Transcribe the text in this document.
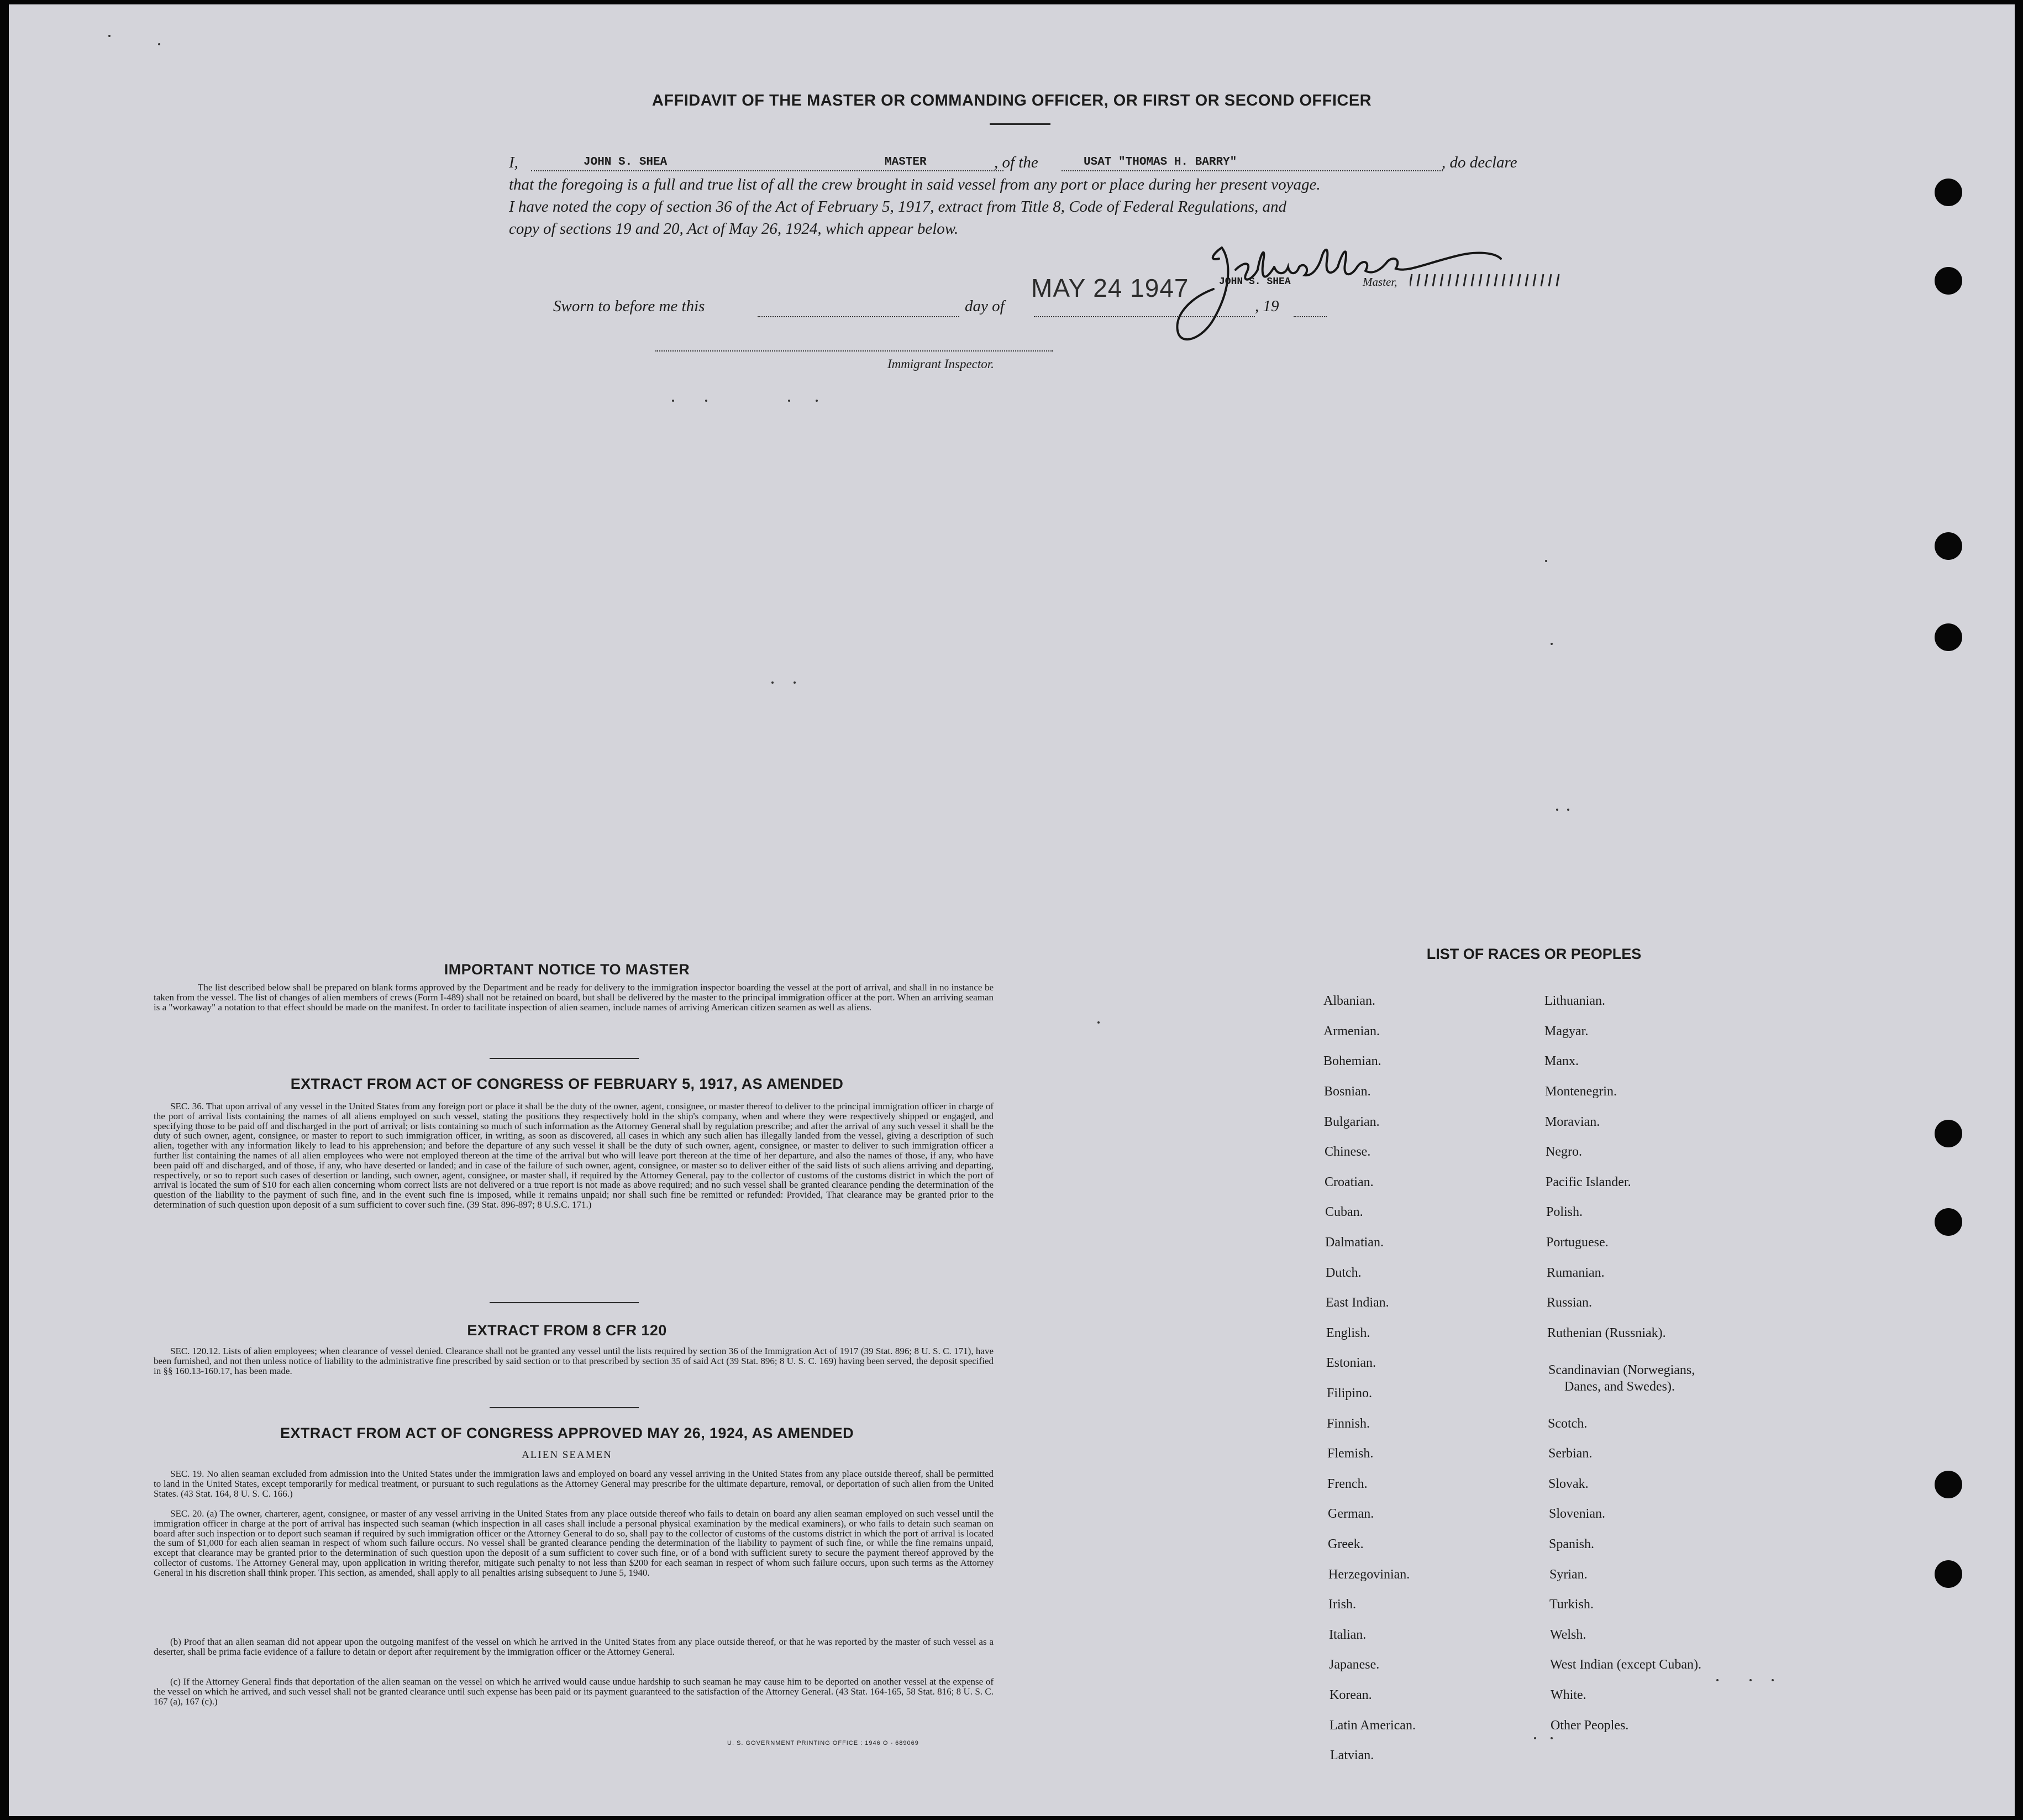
AFFIDAVIT OF THE MASTER OR COMMANDING OFFICER, OR FIRST OR SECOND OFFICER
I,	JOHN S. SHEA	MASTER	, of the	USAT "THOMAS H. BARRY"	, do declare
that the foregoing is a full and true list of all the crew brought in said vessel from any port or place during her present voyage.
I have noted the copy of section 36 of the Act of February 5, 1917, extract from Title 8, Code of Federal Regulations, and
copy of sections 19 and 20, Act of May 26, 1924, which appear below.
Sworn to before me this	day of	, 19
MAY 24 1947	JOHN S. SHEA	Master,
Immigrant Inspector.
IMPORTANT NOTICE TO MASTER
The list described below shall be prepared on blank forms approved by the Department and be ready for delivery to the immigration inspector boarding the vessel at the port of arrival, and shall in no instance be taken from the vessel. The list of changes of alien members of crews (Form I-489) shall not be retained on board, but shall be delivered by the master to the principal immigration officer at the port. When an arriving seaman is a "workaway" a notation to that effect should be made on the manifest. In order to facilitate inspection of alien seamen, include names of arriving American citizen seamen as well as aliens.
EXTRACT FROM ACT OF CONGRESS OF FEBRUARY 5, 1917, AS AMENDED
SEC. 36. That upon arrival of any vessel in the United States from any foreign port or place it shall be the duty of the owner, agent, consignee, or master thereof to deliver to the principal immigration officer in charge of the port of arrival lists containing the names of all aliens employed on such vessel, stating the positions they respectively hold in the ship's company, when and where they were respectively shipped or engaged, and specifying those to be paid off and discharged in the port of arrival; or lists containing so much of such information as the Attorney General shall by regulation prescribe; and after the arrival of any such vessel it shall be the duty of such owner, agent, consignee, or master to report to such immigration officer, in writing, as soon as discovered, all cases in which any such alien has illegally landed from the vessel, giving a description of such alien, together with any information likely to lead to his apprehension; and before the departure of any such vessel it shall be the duty of such owner, agent, consignee, or master to deliver to such immigration officer a further list containing the names of all alien employees who were not employed thereon at the time of the arrival but who will leave port thereon at the time of her departure, and also the names of those, if any, who have been paid off and discharged, and of those, if any, who have deserted or landed; and in case of the failure of such owner, agent, consignee, or master so to deliver either of the said lists of such aliens arriving and departing, respectively, or so to report such cases of desertion or landing, such owner, agent, consignee, or master shall, if required by the Attorney General, pay to the collector of customs of the customs district in which the port of arrival is located the sum of $10 for each alien concerning whom correct lists are not delivered or a true report is not made as above required; and no such vessel shall be granted clearance pending the determination of the question of the liability to the payment of such fine, and in the event such fine is imposed, while it remains unpaid; nor shall such fine be remitted or refunded: Provided, That clearance may be granted prior to the determination of such question upon deposit of a sum sufficient to cover such fine. (39 Stat. 896-897; 8 U.S.C. 171.)
EXTRACT FROM 8 CFR 120
SEC. 120.12. Lists of alien employees; when clearance of vessel denied. Clearance shall not be granted any vessel until the lists required by section 36 of the Immigration Act of 1917 (39 Stat. 896; 8 U. S. C. 171), have been furnished, and not then unless notice of liability to the administrative fine prescribed by said section or to that prescribed by section 35 of said Act (39 Stat. 896; 8 U. S. C. 169) having been served, the deposit specified in §§ 160.13-160.17, has been made.
EXTRACT FROM ACT OF CONGRESS APPROVED MAY 26, 1924, AS AMENDED
ALIEN SEAMEN
SEC. 19. No alien seaman excluded from admission into the United States under the immigration laws and employed on board any vessel arriving in the United States from any place outside thereof, shall be permitted to land in the United States, except temporarily for medical treatment, or pursuant to such regulations as the Attorney General may prescribe for the ultimate departure, removal, or deportation of such alien from the United States. (43 Stat. 164, 8 U. S. C. 166.)
SEC. 20. (a) The owner, charterer, agent, consignee, or master of any vessel arriving in the United States from any place outside thereof who fails to detain on board any alien seaman employed on such vessel until the immigration officer in charge at the port of arrival has inspected such seaman (which inspection in all cases shall include a personal physical examination by the medical examiners), or who fails to detain such seaman on board after such inspection or to deport such seaman if required by such immigration officer or the Attorney General to do so, shall pay to the collector of customs of the customs district in which the port of arrival is located the sum of $1,000 for each alien seaman in respect of whom such failure occurs. No vessel shall be granted clearance pending the determination of the liability to payment of such fine, or while the fine remains unpaid, except that clearance may be granted prior to the determination of such question upon the deposit of a sum sufficient to cover such fine, or of a bond with sufficient surety to secure the payment thereof approved by the collector of customs. The Attorney General may, upon application in writing therefor, mitigate such penalty to not less than $200 for each seaman in respect of whom such failure occurs, upon such terms as the Attorney General in his discretion shall think proper. This section, as amended, shall apply to all penalties arising subsequent to June 5, 1940.
(b) Proof that an alien seaman did not appear upon the outgoing manifest of the vessel on which he arrived in the United States from any place outside thereof, or that he was reported by the master of such vessel as a deserter, shall be prima facie evidence of a failure to detain or deport after requirement by the immigration officer or the Attorney General.
(c) If the Attorney General finds that deportation of the alien seaman on the vessel on which he arrived would cause undue hardship to such seaman he may cause him to be deported on another vessel at the expense of the vessel on which he arrived, and such vessel shall not be granted clearance until such expense has been paid or its payment guaranteed to the satisfaction of the Attorney General. (43 Stat. 164-165, 58 Stat. 816; 8 U. S. C. 167 (a), 167 (c).)
U. S. GOVERNMENT PRINTING OFFICE : 1946 O - 689069
LIST OF RACES OR PEOPLES
Albanian.
Armenian.
Bohemian.
Bosnian.
Bulgarian.
Chinese.
Croatian.
Cuban.
Dalmatian.
Dutch.
East Indian.
English.
Estonian.
Filipino.
Finnish.
Flemish.
French.
German.
Greek.
Herzegovinian.
Irish.
Italian.
Japanese.
Korean.
Latin American.
Latvian.
Lithuanian.
Magyar.
Manx.
Montenegrin.
Moravian.
Negro.
Pacific Islander.
Polish.
Portuguese.
Rumanian.
Russian.
Ruthenian (Russniak).
Scandinavian (Norwegians,
Danes, and Swedes).
Scotch.
Serbian.
Slovak.
Slovenian.
Spanish.
Syrian.
Turkish.
Welsh.
West Indian (except Cuban).
White.
Other Peoples.
